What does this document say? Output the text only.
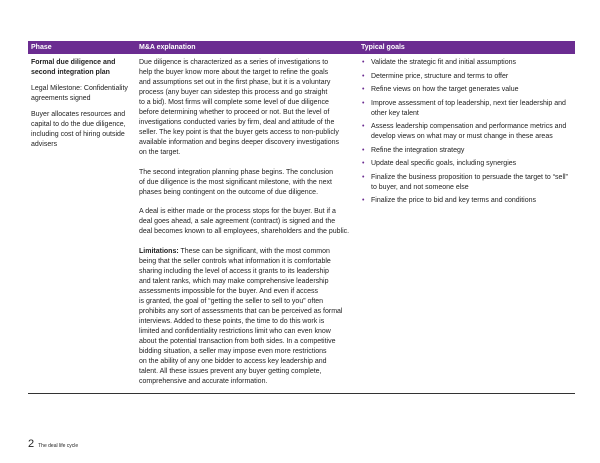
Phase	M&A explanation	Typical goals

Formal due diligence and
second integration plan

Legal Milestone: Confidentiality
agreements signed

Buyer allocates resources and
capital to do the due diligence,
including cost of hiring outside
advisers

Due diligence is characterized as a series of investigations to
help the buyer know more about the target to refine the goals
and assumptions set out in the first phase, but it is a voluntary
process (any buyer can sidestep this process and go straight
to a bid). Most firms will complete some level of due diligence
before determining whether to proceed or not. But the level of
investigations conducted varies by firm, deal and attitude of the
seller. The key point is that the buyer gets access to non-publicly
available information and begins deeper discovery investigations
on the target.

The second integration planning phase begins. The conclusion
of due diligence is the most significant milestone, with the next
phases being contingent on the outcome of due diligence.

A deal is either made or the process stops for the buyer. But if a
deal goes ahead, a sale agreement (contract) is signed and the
deal becomes known to all employees, shareholders and the public.

Limitations: These can be significant, with the most common
being that the seller controls what information it is comfortable
sharing including the level of access it grants to its leadership
and talent ranks, which may make comprehensive leadership
assessments impossible for the buyer. And even if access
is granted, the goal of “getting the seller to sell to you” often
prohibits any sort of assessments that can be perceived as formal
interviews. Added to these points, the time to do this work is
limited and confidentiality restrictions limit who can even know
about the potential transaction from both sides. In a competitive
bidding situation, a seller may impose even more restrictions
on the ability of any one bidder to access key leadership and
talent. All these issues prevent any buyer getting complete,
comprehensive and accurate information.

• Validate the strategic fit and initial assumptions
• Determine price, structure and terms to offer
• Refine views on how the target generates value
• Improve assessment of top leadership, next tier leadership and
other key talent
• Assess leadership compensation and performance metrics and
develop views on what may or must change in these areas
• Refine the integration strategy
• Update deal specific goals, including synergies
• Finalize the business proposition to persuade the target to “sell”
to buyer, and not someone else
• Finalize the price to bid and key terms and conditions
2 The deal life cycle
